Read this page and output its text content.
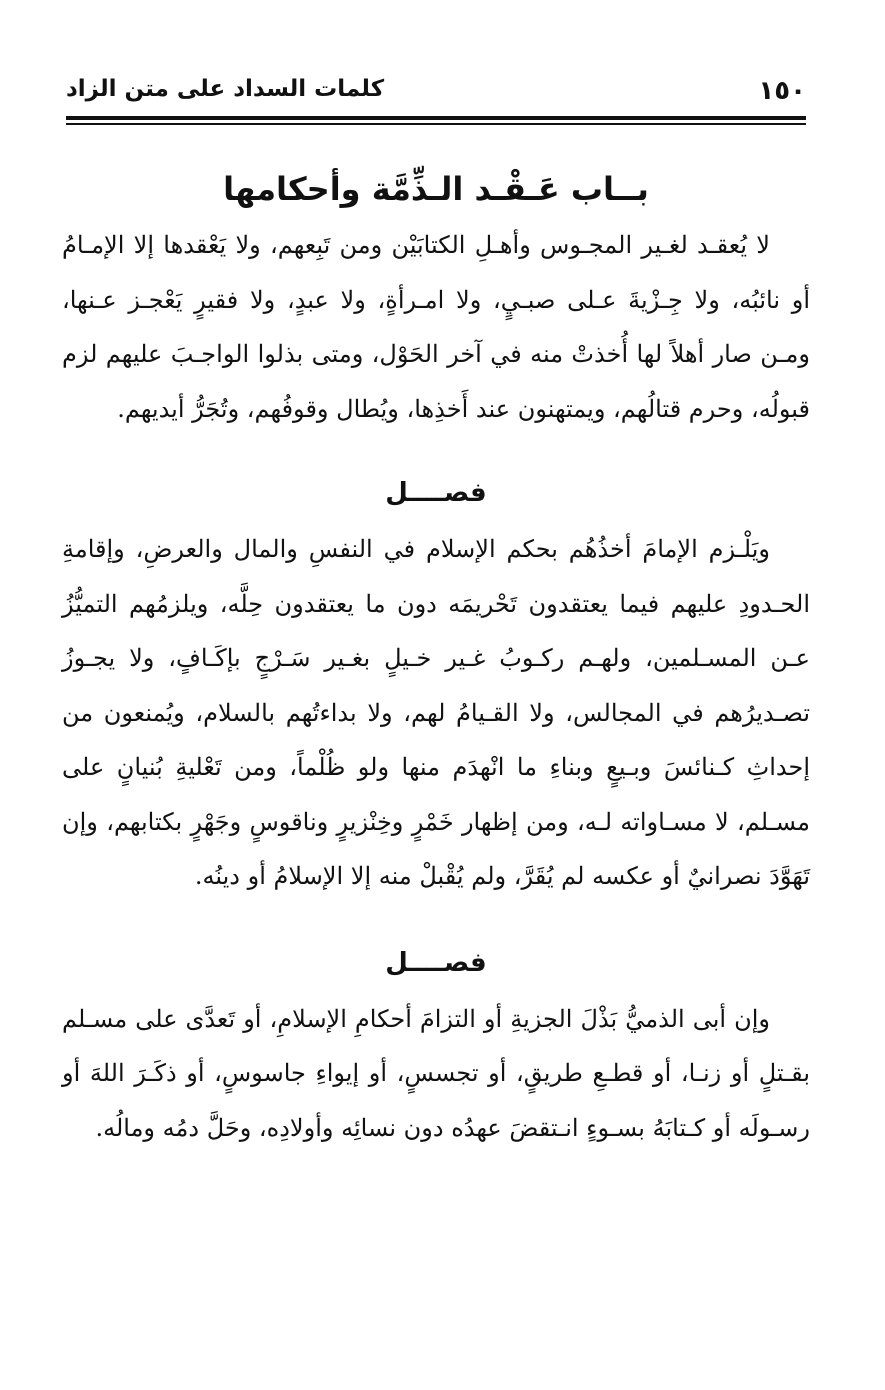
١٥٠
كلمات السداد على متن الزاد
بــاب عَـقْـد الـذِّمَّة وأحكامها

لا يُعقـد لغـير المجـوس وأهـلِ الكتابَيْن ومن تَبِعهم، ولا يَعْقدها إلا الإمـامُ أو نائبُه، ولا جِـزْيةَ عـلى صبـيٍ، ولا امـرأةٍ، ولا عبدٍ، ولا فقيرٍ يَعْجـز عـنها، ومـن صار أهلاً لها أُخذتْ منه في آخر الحَوْل، ومتى بذلوا الواجـبَ عليهم لزم قبولُه، وحرم قتالُهم، ويمتهنون عند أَخذِها، ويُطال وقوفُهم، وتُجَرُّ أيديهم.

فصــــل

ويَلْـزم الإمامَ أخذُهُم بحكم الإسلام في النفسِ والمال والعرضِ، وإقامةِ الحـدودِ عليهم فيما يعتقدون تَحْريمَه دون ما يعتقدون حِلَّه، ويلزمُهم التميُّزُ عـن المسـلمين، ولهـم ركـوبُ غـير خـيلٍ بغـير سَـرْجٍ بإكَـافٍ، ولا يجـوزُ تصـديرُهم في المجالس، ولا القـيامُ لهم، ولا بداءتُهم بالسلام، ويُمنعون من إحداثِ كـنائسَ وبـيعٍ وبناءِ ما انْهدَم منها ولو ظُلْماً، ومن تَعْليةِ بُنيانٍ على مسـلم، لا مسـاواته لـه، ومن إظهار خَمْرٍ وخِنْزيرٍ وناقوسٍ وجَهْرٍ بكتابهم، وإن تَهَوَّدَ نصرانيٌ أو عكسه لم يُقَرَّ، ولم يُقْبلْ منه إلا الإسلامُ أو دينُه.

فصــــل

وإن أبى الذميُّ بَذْلَ الجزيةِ أو التزامَ أحكامِ الإسلامِ، أو تَعدَّى على مسـلم بقـتلٍ أو زنـا، أو قطـعِ طريقٍ، أو تجسسٍ، أو إيواءِ جاسوسٍ، أو ذكَـرَ اللهَ أو رسـولَه أو كـتابَهُ بسـوءٍ انـتقضَ عهدُه دون نسائِه وأولادِه، وحَلَّ دمُه ومالُه.
